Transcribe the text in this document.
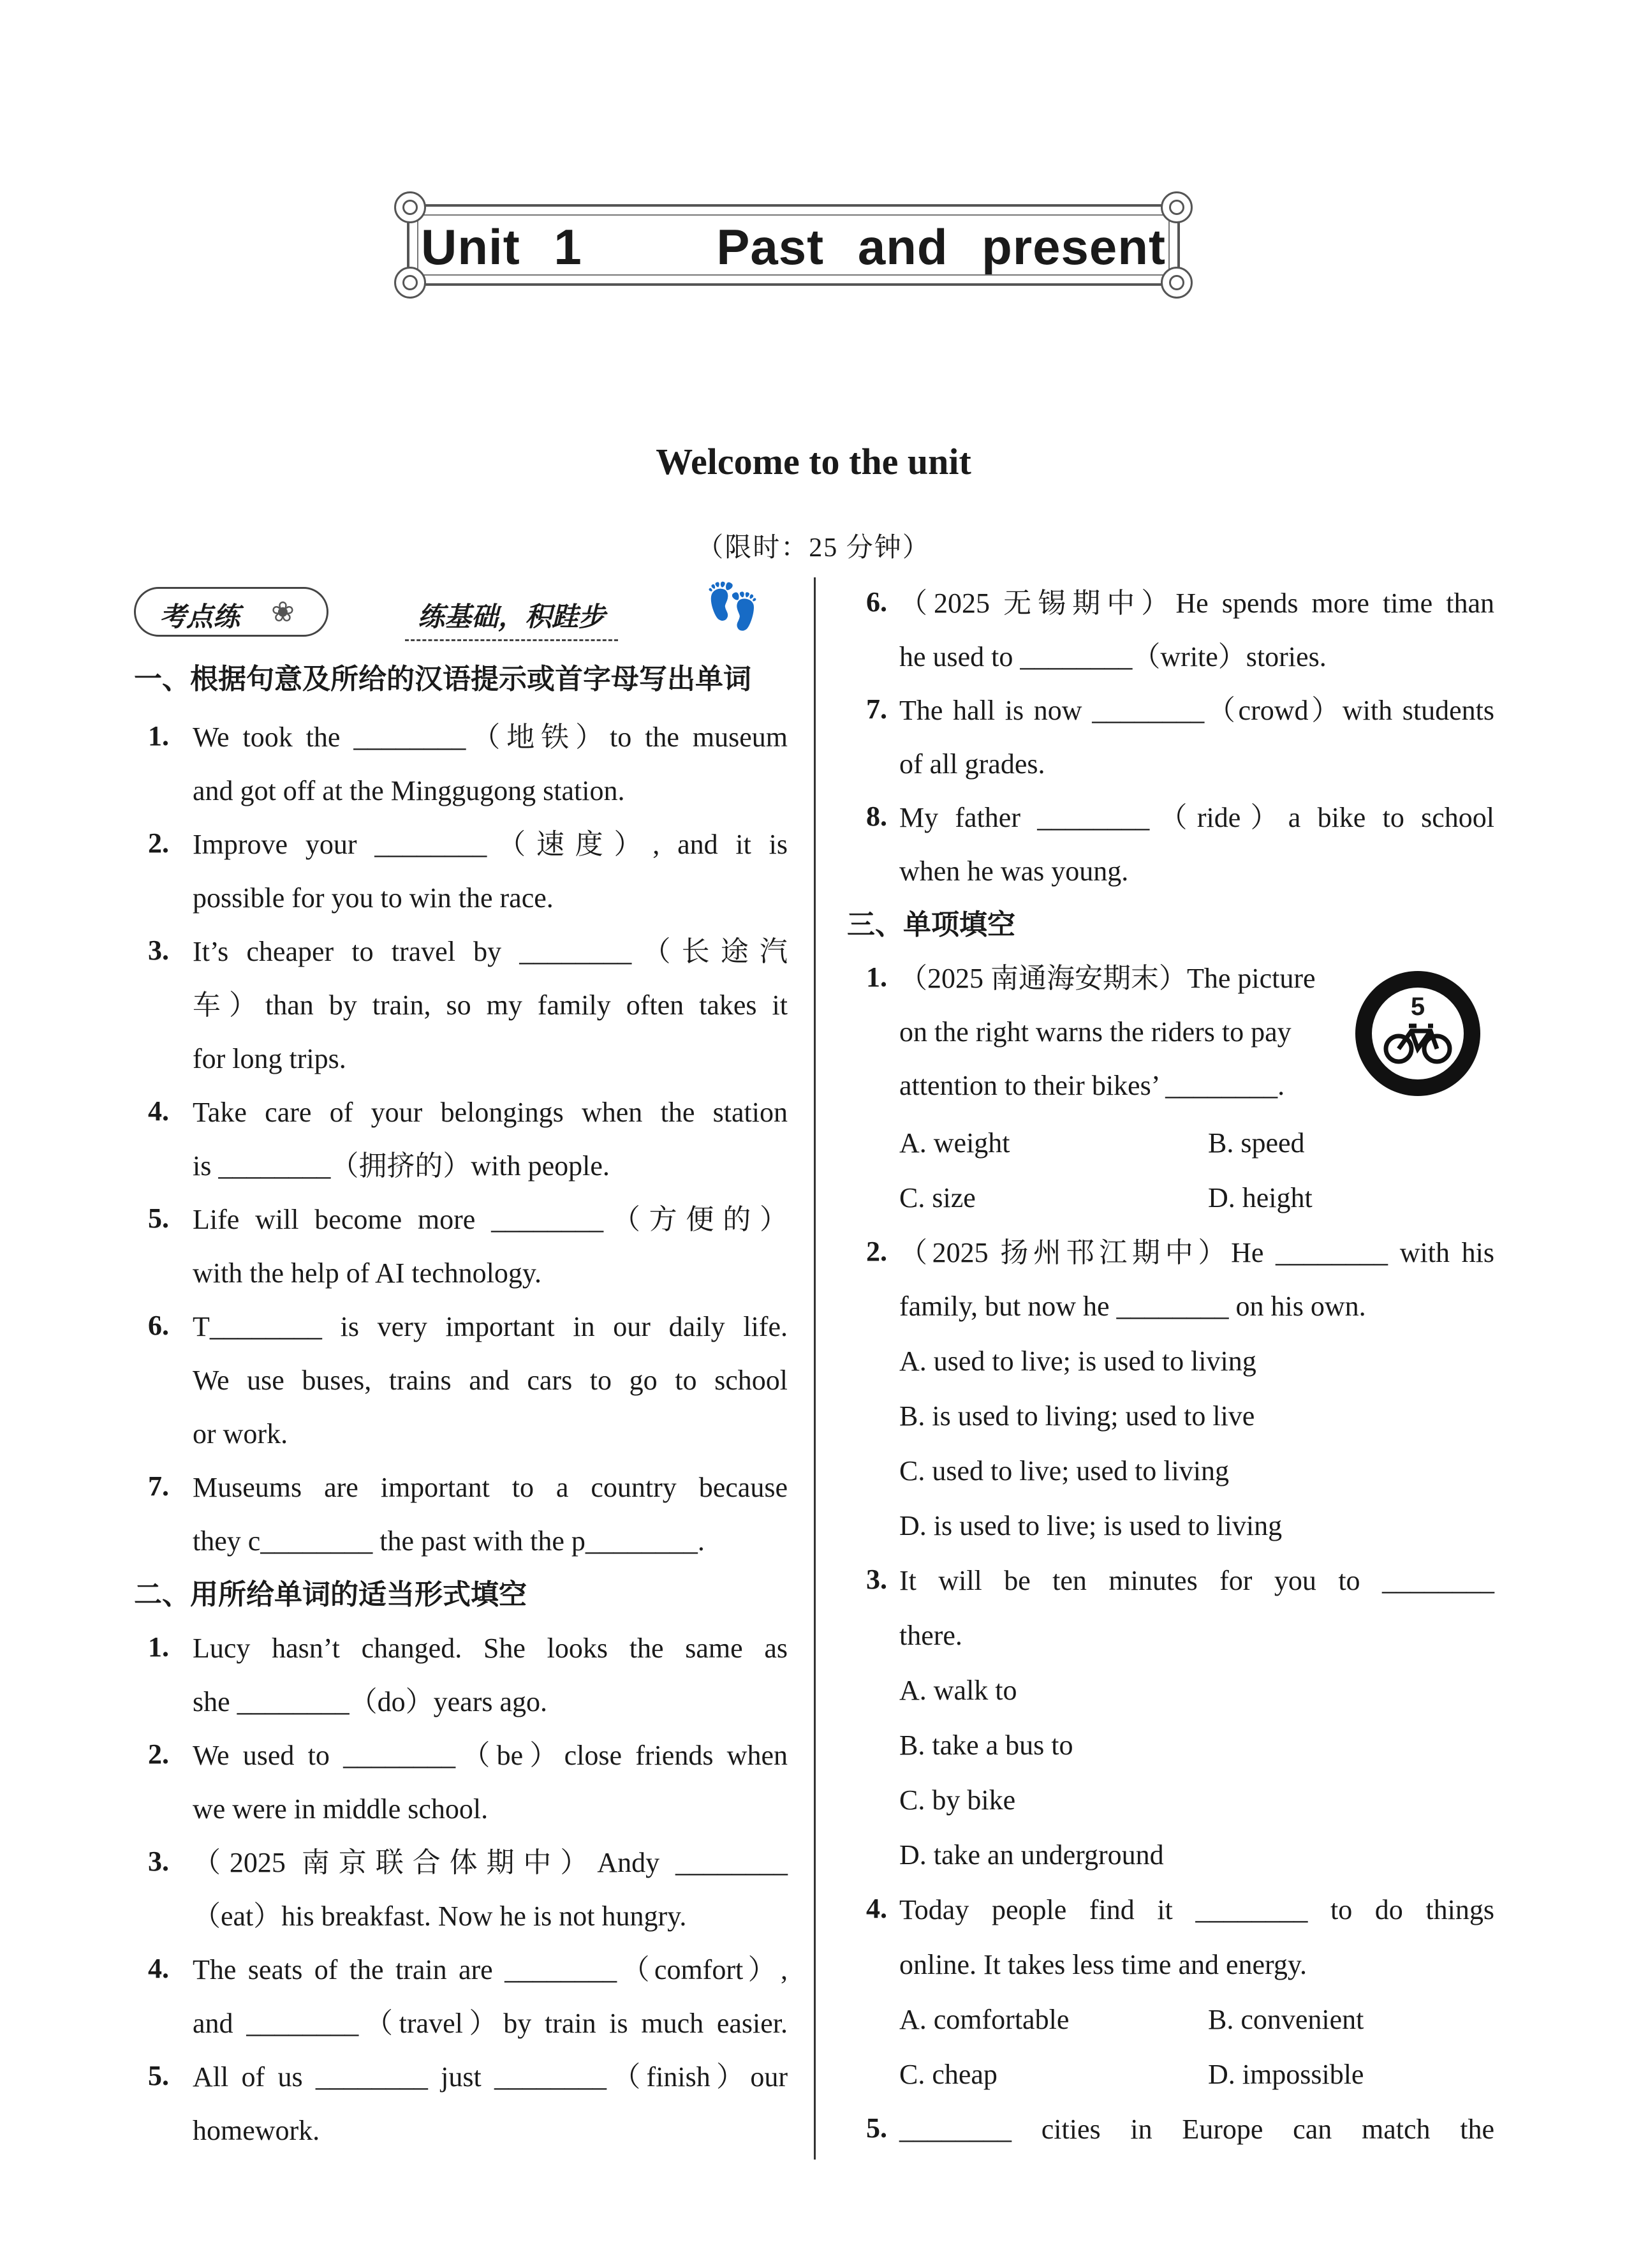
Unit 1    Past and present
Welcome to the unit
（限时：25 分钟）
考点练 ❀	练基础，积跬步 👣
一、根据句意及所给的汉语提示或首字母写出单词
1. We took the ________（地铁）to the museum
and got off at the Minggugong station.
2. Improve your ________（速度）, and it is
possible for you to win the race.
3. It’s cheaper to travel by ________（长途汽
车）than by train, so my family often takes it
for long trips.
4. Take care of your belongings when the station
is ________（拥挤的）with people.
5. Life will become more ________（方便的）
with the help of AI technology.
6. T________ is very important in our daily life.
We use buses, trains and cars to go to school
or work.
7. Museums are important to a country because
they c________ the past with the p________.
二、用所给单词的适当形式填空
1. Lucy hasn’t changed. She looks the same as
she ________（do）years ago.
2. We used to ________（be）close friends when
we were in middle school.
3. （2025 南京联合体期中）Andy ________
（eat）his breakfast. Now he is not hungry.
4. The seats of the train are ________（comfort）,
and ________（travel）by train is much easier.
5. All of us ________ just ________（finish）our
homework.
6. （2025 无锡期中）He spends more time than
he used to ________（write）stories.
7. The hall is now ________（crowd）with students
of all grades.
8. My father ________（ride）a bike to school
when he was young.
三、单项填空
1. （2025 南通海安期末）The picture
on the right warns the riders to pay
attention to their bikes’ ________.
A. weight	B. speed
C. size	D. height
2. （2025 扬州邗江期中）He ________ with his
family, but now he ________ on his own.
A. used to live; is used to living
B. is used to living; used to live
C. used to live; used to living
D. is used to live; is used to living
3. It will be ten minutes for you to ________
there.
A. walk to
B. take a bus to
C. by bike
D. take an underground
4. Today people find it ________ to do things
online. It takes less time and energy.
A. comfortable	B. convenient
C. cheap	D. impossible
5. ________ cities in Europe can match the
5
